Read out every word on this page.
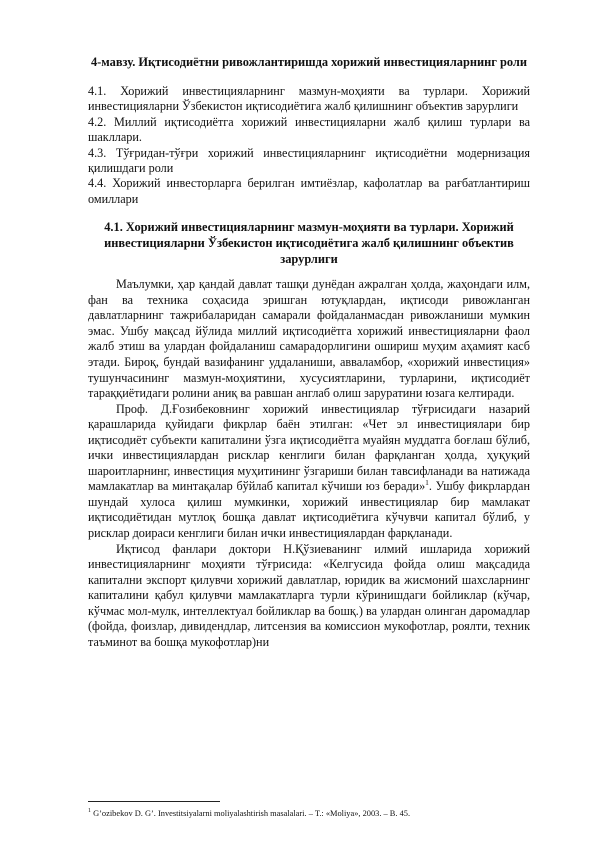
4-мавзу. Иқтисодиётни ривожлантиришда хорижий инвестицияларнинг роли

4.1. Хорижий инвестицияларнинг мазмун-моҳияти ва турлари. Хорижий инвестицияларни Ўзбекистон иқтисодиётига жалб қилишнинг объектив зарурлиги

4.2. Миллий иқтисодиётга хорижий инвестицияларни жалб қилиш турлари ва шакллари.

4.3. Тўғридан-тўғри хорижий инвестицияларнинг иқтисодиётни модернизация қилишдаги роли

4.4. Хорижий инвесторларга берилган имтиёзлар, кафолатлар ва рағбатлантириш омиллари

4.1. Хорижий инвестицияларнинг мазмун-моҳияти ва турлари. Хорижий инвестицияларни Ўзбекистон иқтисодиётига жалб қилишнинг объектив зарурлиги

Маълумки, ҳар қандай давлат ташқи дунёдан ажралган ҳолда, жаҳондаги илм, фан ва техника соҳасида эришган ютуқлардан, иқтисоди ривожланган давлатларнинг тажрибаларидан самарали фойдаланмасдан ривожланиши мумкин эмас. Ушбу мақсад йўлида миллий иқтисодиётга хорижий инвестицияларни фаол жалб этиш ва улардан фойдаланиш самарадорлигини ошириш муҳим аҳамият касб этади. Бироқ, бундай вазифанинг уддаланиши, авваламбор, «хорижий инвестиция» тушунчасининг мазмун-моҳиятини, хусусиятларини, турларини, иқтисодиёт тараққиётидаги ролини аниқ ва равшан англаб олиш заруратини юзага келтиради.

Проф. Д.Ғозибековнинг хорижий инвестициялар тўғрисидаги назарий қарашларида қуйидаги фикрлар баён этилган: «Чет эл инвестициялари бир иқтисодиёт субъекти капиталини ўзга иқтисодиётга муайян муддатга боғлаш бўлиб, ички инвестициялардан рисклар кенглиги билан фарқланган ҳолда, ҳуқуқий шароитларнинг, инвестиция муҳитининг ўзгариши билан тавсифланади ва натижада мамлакатлар ва минтақалар бўйлаб капитал кўчиши юз беради»$^1$. Ушбу фикрлардан шундай хулоса қилиш мумкинки, хорижий инвестициялар бир мамлакат иқтисодиётидан мутлоқ бошқа давлат иқтисодиётига кўчувчи капитал бўлиб, у рисклар доираси кенглиги билан ички инвестициялардан фарқланади.

Иқтисод фанлари доктори Н.Қўзиеванинг илмий ишларида хорижий инвестицияларнинг моҳияти тўғрисида: «Келгусида фойда олиш мақсадида капитални экспорт қилувчи хорижий давлатлар, юридик ва жисмоний шахсларнинг капиталини қабул қилувчи мамлакатларга турли кўринишдаги бойликлар (кўчар, кўчмас мол-мулк, интеллектуал бойликлар ва бошқ.) ва улардан олинган даромадлар (фойда, фоизлар, дивидендлар, литсензия ва комиссион мукофотлар, роялти, техник таъминот ва бошқа мукофотлар)ни

$^1$ G’ozibekov D. G’. Investitsiyalarni moliyalashtirish masalalari. – T.: «Moliya», 2003. – B. 45.
